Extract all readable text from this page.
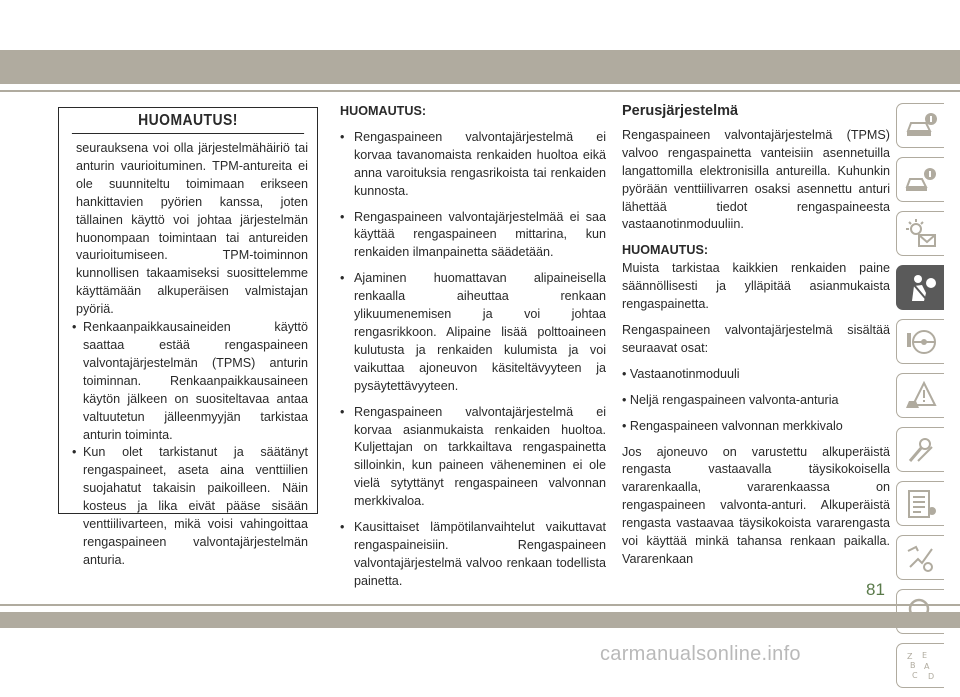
HUOMAUTUS!

seurauksena voi olla järjestelmähäiriö tai anturin vaurioituminen. TPM-antureita ei ole suunniteltu toimimaan erikseen hankittavien pyörien kanssa, joten tällainen käyttö voi johtaa järjestelmän huonompaan toimintaan tai antureiden vaurioitumiseen. TPM-toiminnon kunnollisen takaamiseksi suosittelemme käyttämään alkuperäisen valmistajan pyöriä.

• Renkaanpaikkausaineiden käyttö saattaa estää rengaspaineen valvontajärjestelmän (TPMS) anturin toiminnan. Renkaanpaikkausaineen käytön jälkeen on suositeltavaa antaa valtuutetun jälleenmyyjän tarkistaa anturin toiminta.
• Kun olet tarkistanut ja säätänyt rengaspaineet, aseta aina venttiilien suojahatut takaisin paikoilleen. Näin kosteus ja lika eivät pääse sisään venttiilivarteen, mikä voisi vahingoittaa rengaspaineen valvontajärjestelmän anturia.
HUOMAUTUS:
• Rengaspaineen valvontajärjestelmä ei korvaa tavanomaista renkaiden huoltoa eikä anna varoituksia rengasrikoista tai renkaiden kunnosta.
• Rengaspaineen valvontajärjestelmää ei saa käyttää rengaspaineen mittarina, kun renkaiden ilmanpainetta säädetään.
• Ajaminen huomattavan alipaineisella renkaalla aiheuttaa renkaan ylikuumenemisen ja voi johtaa rengasrikkoon. Alipaine lisää polttoaineen kulutusta ja renkaiden kulumista ja voi vaikuttaa ajoneuvon käsiteltävyyteen ja pysäytettävyyteen.
• Rengaspaineen valvontajärjestelmä ei korvaa asianmukaista renkaiden huoltoa. Kuljettajan on tarkkailtava rengaspainetta silloinkin, kun paineen väheneminen ei ole vielä sytyttänyt rengaspaineen valvonnan merkkivaloa.
• Kausittaiset lämpötilanvaihtelut vaikuttavat rengaspaineisiin. Rengaspaineen valvontajärjestelmä valvoo renkaan todellista painetta.
Perusjärjestelmä

Rengaspaineen valvontajärjestelmä (TPMS) valvoo rengaspainetta vanteisiin asennetuilla langattomilla elektronisilla antureilla. Kuhunkin pyörään venttiilivarren osaksi asennettu anturi lähettää tiedot rengaspaineesta vastaanotinmoduuliin.

HUOMAUTUS:

Muista tarkistaa kaikkien renkaiden paine säännöllisesti ja ylläpitää asianmukaista rengaspainetta.

Rengaspaineen valvontajärjestelmä sisältää seuraavat osat:

• Vastaanotinmoduuli
• Neljä rengaspaineen valvonta-anturia
• Rengaspaineen valvonnan merkkivalo

Jos ajoneuvo on varustettu alkuperäistä rengasta vastaavalla täysikokoisella vararenkaalla, vararenkaassa on rengaspaineen valvonta-anturi. Alkuperäistä rengasta vastaavaa täysikokoista vararengasta voi käyttää minkä tahansa renkaan paikalla. Vararenkaan

Z E
B A
C D
81
carmanualsonline.info
